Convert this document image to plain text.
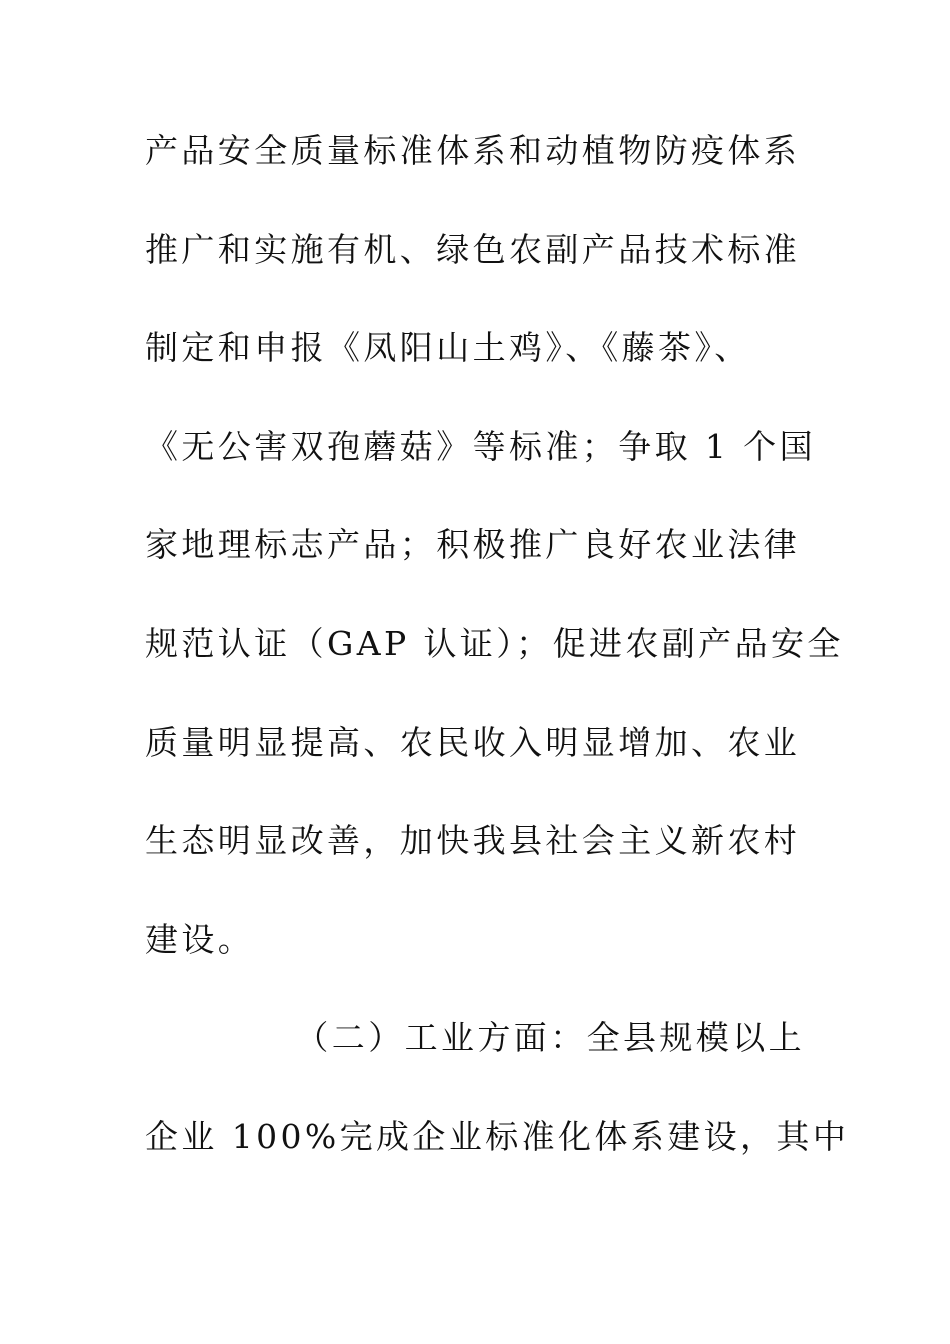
产品安全质量标准体系和动植物防疫体系
推广和实施有机、绿色农副产品技术标准
制定和申报《凤阳山土鸡》、《藤茶》、
《无公害双孢蘑菇》等标准；争取 1 个国
家地理标志产品；积极推广良好农业法律
规范认证（GAP 认证）；促进农副产品安全
质量明显提高、农民收入明显增加、农业
生态明显改善，加快我县社会主义新农村
建设。
（二）工业方面：全县规模以上
企业 100%完成企业标准化体系建设，其中
